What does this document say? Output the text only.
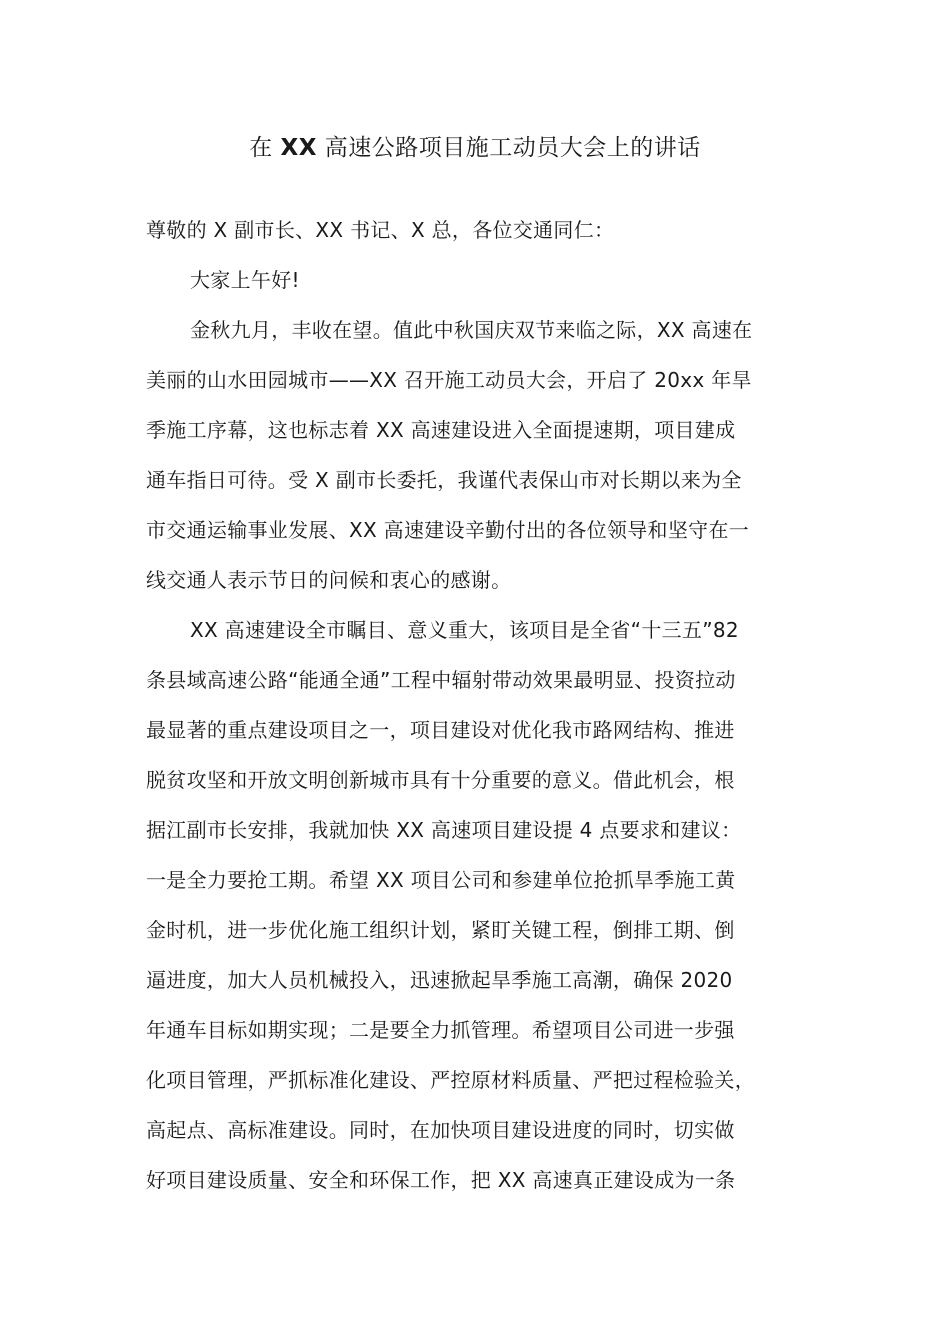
在 XX 高速公路项目施工动员大会上的讲话

尊敬的 X 副市长、XX 书记、X 总，各位交通同仁：

大家上午好!

金秋九月，丰收在望。值此中秋国庆双节来临之际，XX 高速在

美丽的山水田园城市——XX 召开施工动员大会，开启了 20xx 年旱

季施工序幕，这也标志着 XX 高速建设进入全面提速期，项目建成

通车指日可待。受 X 副市长委托，我谨代表保山市对长期以来为全

市交通运输事业发展、XX 高速建设辛勤付出的各位领导和坚守在一

线交通人表示节日的问候和衷心的感谢。

XX 高速建设全市瞩目、意义重大，该项目是全省“十三五”82

条县域高速公路“能通全通”工程中辐射带动效果最明显、投资拉动

最显著的重点建设项目之一，项目建设对优化我市路网结构、推进

脱贫攻坚和开放文明创新城市具有十分重要的意义。借此机会，根

据江副市长安排，我就加快 XX 高速项目建设提 4 点要求和建议：

一是全力要抢工期。希望 XX 项目公司和参建单位抢抓旱季施工黄

金时机，进一步优化施工组织计划，紧盯关键工程，倒排工期、倒

逼进度，加大人员机械投入，迅速掀起旱季施工高潮，确保 2020

年通车目标如期实现；二是要全力抓管理。希望项目公司进一步强

化项目管理，严抓标准化建设、严控原材料质量、严把过程检验关，

高起点、高标准建设。同时，在加快项目建设进度的同时，切实做

好项目建设质量、安全和环保工作，把 XX 高速真正建设成为一条
